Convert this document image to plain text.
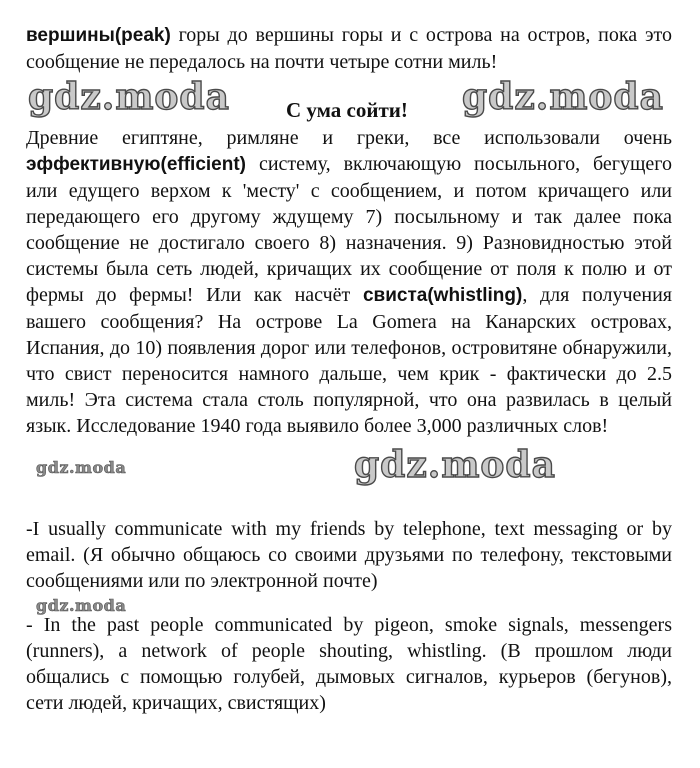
вершины(peak) горы до вершины горы и с острова на остров, пока это сообщение не передалось на почти четыре сотни миль!
gdz.moda	С ума сойти! gdz.moda
Древние египтяне, римляне и греки, все использовали очень эффективную(efficient) систему, включающую посыльного, бегущего или едущего верхом к 'месту' с сообщением, и потом кричащего или передающего его другому ждущему 7) посыльному и так далее пока сообщение не достигало своего 8) назначения. 9) Разновидностью этой системы была сеть людей, кричащих их сообщение от поля к полю и от фермы до фермы! Или как насчёт свиста(whistling), для получения вашего сообщения? На острове La Gomera на Канарских островах, Испания, до 10) появления дорог или телефонов, островитяне обнаружили, что свист переносится намного дальше, чем крик - фактически до 2.5 миль! Эта система стала столь популярной, что она развилась в целый язык. Исследование 1940 года выявило более 3,000 различных слов!
gdz.moda	gdz.moda
-I usually communicate with my friends by telephone, text messaging or by email. (Я обычно общаюсь со своими друзьями по телефону, текстовыми сообщениями или по электронной почте)
gdz.moda
- In the past people communicated by pigeon, smoke signals, messengers (runners), a network of people shouting, whistling. (В прошлом люди общались с помощью голубей, дымовых сигналов, курьеров (бегунов), сети людей, кричащих, свистящих)
